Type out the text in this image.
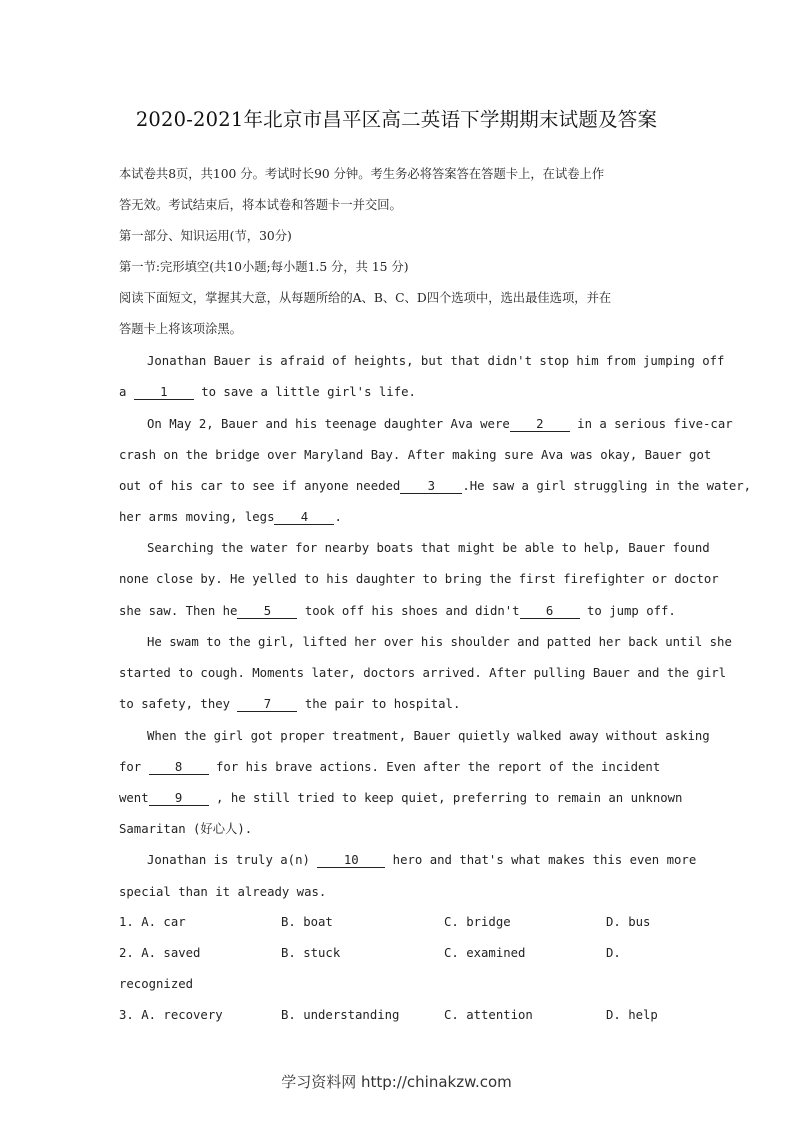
2020-2021年北京市昌平区高二英语下学期期末试题及答案
本试卷共8页，共100 分。考试时长90 分钟。考生务必将答案答在答题卡上，在试卷上作
答无效。考试结束后，将本试卷和答题卡一并交回。
第一部分、知识运用(节，30分)
第一节:完形填空(共10小题;每小题1.5 分，共 15 分)
阅读下面短文，掌握其大意，从每题所给的A、B、C、D四个选项中，选出最佳选项，并在
答题卡上将该项涂黑。
Jonathan Bauer is afraid of heights, but that didn't stop him from jumping off
a 1 to save a little girl's life.
On May 2, Bauer and his teenage daughter Ava were 2 in a serious five-car
crash on the bridge over Maryland Bay. After making sure Ava was okay, Bauer got
out of his car to see if anyone needed 3 .He saw a girl struggling in the water,
her arms moving, legs 4 .
Searching the water for nearby boats that might be able to help, Bauer found
none close by. He yelled to his daughter to bring the first firefighter or doctor
she saw. Then he 5 took off his shoes and didn't 6 to jump off.
He swam to the girl, lifted her over his shoulder and patted her back until she
started to cough. Moments later, doctors arrived. After pulling Bauer and the girl
to safety, they 7 the pair to hospital.
When the girl got proper treatment, Bauer quietly walked away without asking
for 8 for his brave actions. Even after the report of the incident
went 9 , he still tried to keep quiet, preferring to remain an unknown
Samaritan (好心人).
Jonathan is truly a(n) 10 hero and that's what makes this even more
special than it already was.
1. A. car	B. boat	C. bridge	D. bus
2. A. saved	B. stuck	C. examined	D.
recognized
3. A. recovery	B. understanding	C. attention	D. help
学习资料网 http://chinakzw.com
